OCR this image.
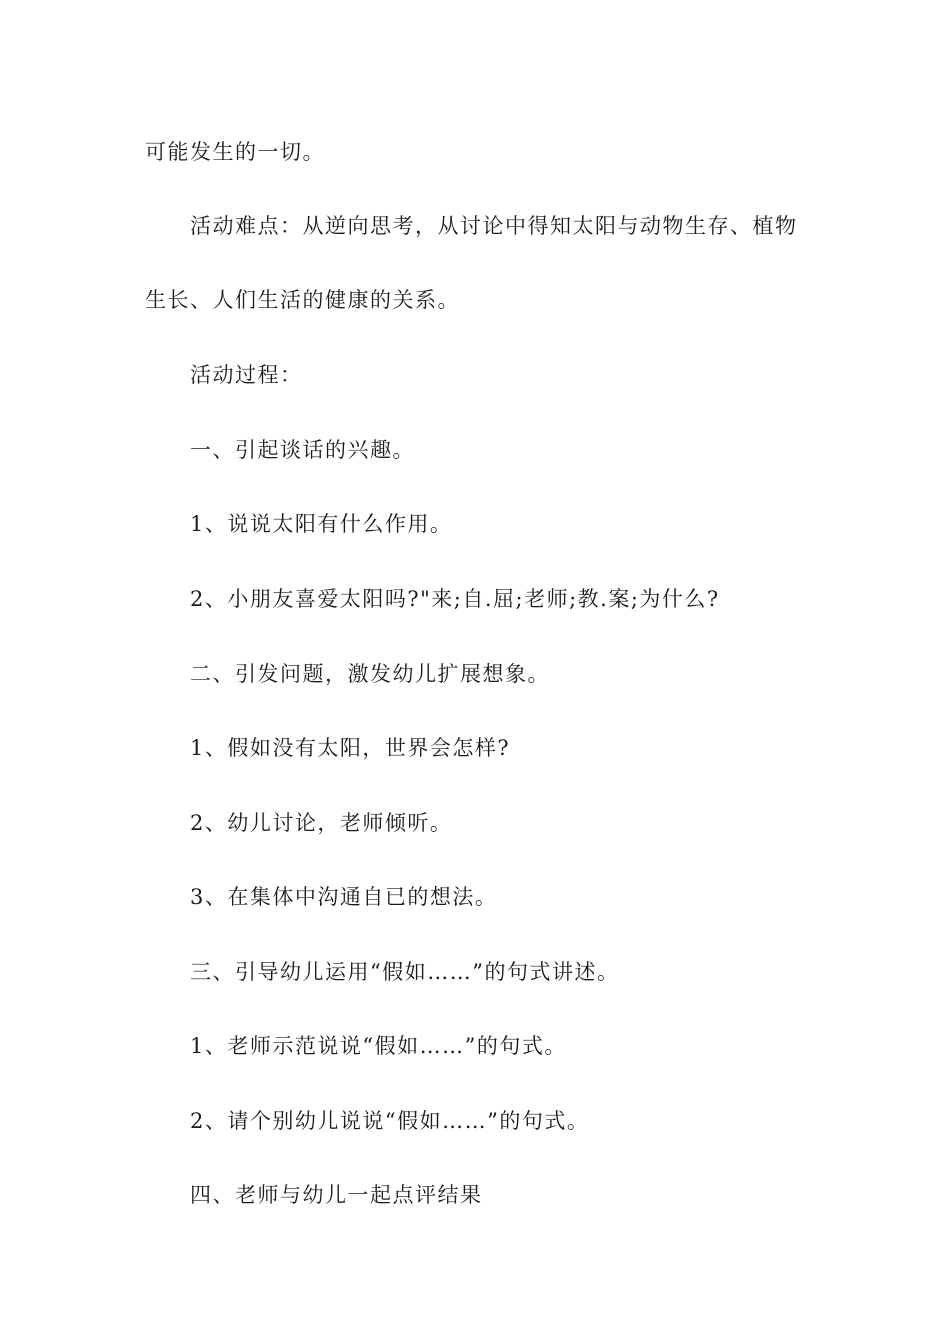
可能发生的一切。
活动难点：从逆向思考，从讨论中得知太阳与动物生存、植物
生长、人们生活的健康的关系。
活动过程：
一、引起谈话的兴趣。
1、说说太阳有什么作用。
2、小朋友喜爱太阳吗?"来;自.屈;老师;教.案;为什么?
二、引发问题，激发幼儿扩展想象。
1、假如没有太阳，世界会怎样?
2、幼儿讨论，老师倾听。
3、在集体中沟通自已的想法。
三、引导幼儿运用“假如……”的句式讲述。
1、老师示范说说“假如……”的句式。
2、请个别幼儿说说“假如……”的句式。
四、老师与幼儿一起点评结果
